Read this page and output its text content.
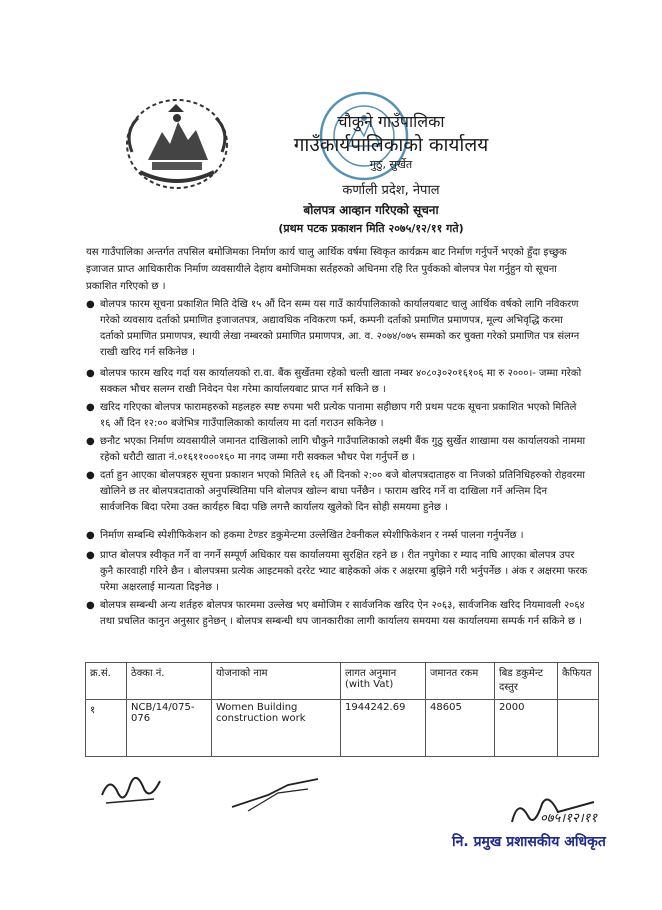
चौकुने गाउँपालिका
गाउँकार्यपालिकाको कार्यालय
गुठु, सुर्खेत
कर्णाली प्रदेश, नेपाल
बोलपत्र आव्हान गरिएको सूचना
(प्रथम पटक प्रकाशन मिति २०७५/१२/११ गते)
यस गाउँपालिका अन्तर्गत तपसिल बमोजिमका निर्माण कार्य चालु आर्थिक वर्षमा स्विकृत कार्यक्रम बाट निर्माण गर्नुपर्ने भएको हुँदा इच्छुक इजाजत प्राप्त आधिकारीक निर्माण व्यवसायीले देहाय बमोजिमका सर्तहरुको अधिनमा रहि रित पुर्वकको बोलपत्र पेश गर्नुहुन यो सूचना प्रकाशित गरिएको छ ।
● बोलपत्र फारम सूचना प्रकाशित मिति देखि १५ औं दिन सम्म यस गाउँ कार्यपालिकाको कार्यालयबाट चालु आर्थिक वर्षको लागि नविकरण गरेको व्यवसाय दर्ताको प्रमाणित इजाजतपत्र, अद्यावधिक नविकरण फर्म, कम्पनी दर्ताको प्रमाणित प्रमाणपत्र, मूल्य अभिवृद्धि करमा दर्ताको प्रमाणित प्रमाणपत्र, स्थायी लेखा नम्बरको प्रमाणित प्रमाणपत्र, आ. व. २०७४/०७५ सम्मको कर चुक्ता गरेको प्रमाणित पत्र संलग्न राखी खरिद गर्न सकिनेछ ।
● बोलपत्र फारम खरिद गर्दा यस कार्यालयको रा.वा. बैंक सुर्खेतमा रहेको चल्ती खाता नम्बर ४०८०३०२०१६१०६ मा रु २०००।- जम्मा गरेको सक्कल भौचर सलग्न राखी निवेदन पेश गरेमा कार्यालयबाट प्राप्त गर्न सकिने छ ।
● खरिद गरिएका बोलपत्र फारामहरुको महलहरु स्पष्ट रुपमा भरी प्रत्येक पानामा सहीछाप गरी प्रथम पटक सूचना प्रकाशित भएको मितिले १६ औं दिन १२:०० बजेभित्र गाउँपालिकाको कार्यालय मा दर्ता गराउन सकिनेछ ।
● छनौट भएका निर्माण व्यवसायीले जमानत दाखिलाको लागि चौकुने गाउँपालिकाको लक्ष्मी बैंक गुठु सुर्खेत शाखामा यस कार्यालयको नाममा रहेको धरौटी खाता नं.०१६११०००१६० मा नगद जम्मा गरी सक्कल भौचर पेश गर्नुपर्ने छ ।
● दर्ता हुन आएका बोलपत्रहरु सूचना प्रकाशन भएको मितिले १६ औं दिनको २:०० बजे बोलपत्रदाताहरु वा निजको प्रतिनिधिहरुको रोहवरमा खोलिने छ तर बोलपत्रदाताको अनुपस्थितिमा पनि बोलपत्र खोल्न बाधा पर्नेछैन । फाराम खरिद गर्ने वा दाखिला गर्ने अन्तिम दिन सार्वजनिक बिदा परेमा उक्त कार्यहरु बिदा पछि लगत्तै कार्यालय खुलेको दिन सोही समयमा हुनेछ ।
● निर्माण सम्बन्धि स्पेशीफिकेशन को हकमा टेण्डर डकुमेन्टमा उल्लेखित टेक्नीकल स्पेशीफिकेशन र नर्म्स पालना गर्नुपर्नेछ ।
● प्राप्त बोलपत्र स्वीकृत गर्ने वा नगर्ने सम्पूर्ण अधिकार यस कार्यालयमा सुरक्षित रहने छ । रीत नपुगेका र म्याद नाघि आएका बोलपत्र उपर कुनै कारवाही गरिने छैन । बोलपत्रमा प्रत्येक आइटमको दररेट भ्याट बाहेकको अंक र अक्षरमा बुझिने गरी भर्नुपर्नेछ । अंक र अक्षरमा फरक परेमा अक्षरलाई मान्यता दिइनेछ ।
● बोलपत्र सम्बन्धी अन्य शर्तहरु बोलपत्र फारममा उल्लेख भए बमोजिम र सार्वजनिक खरिद ऐन २०६३, सार्वजनिक खरिद नियमावली २०६४ तथा प्रचलित कानुन अनुसार हुनेछन् । बोलपत्र सम्बन्धी थप जानकारीका लागी कार्यालय समयमा यस कार्यालयमा सम्पर्क गर्न सकिने छ ।
क्र.सं.	ठेक्का नं.	योजनाको नाम	लागत अनुमान (with Vat)	जमानत रकम	बिड डकुमेन्ट दस्तुर	कैफियत
१	NCB/14/075-076	Women Building construction work	1944242.69	48605	2000	
०७५।१२।११
नि. प्रमुख प्रशासकीय अधिकृत
